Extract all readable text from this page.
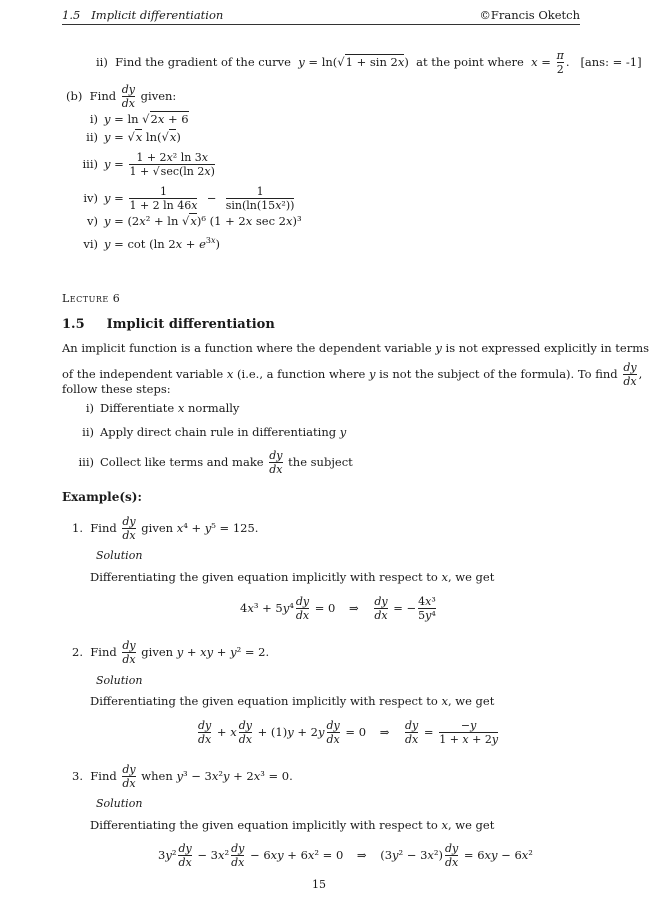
1.5 Implicit differentiation	©Francis Oketch
ii) Find the gradient of the curve y = ln(√1 + sin 2x)  at the point where $x = \frac{\pi}{2}$ .   [ans: = -1]
(b) Find $\frac{dy}{dx}$ given:
i) y = ln √2x + 6
ii) y = √x ln(√x)
iii) $y = \frac{\text{1 + 2x² ln 3x}}{1 + √\sec(\ln 2x)}$
iv) $y = \frac{1}{1 + 2 \ln 46x} - \frac{1}{\text{sin(ln(15x²))}}$
v) y = (2x² + ln √x)⁶ (1 + 2x sec 2x)³
vi) y = cot (ln $2x + e^{3x}$)
Lecture 6
1.5 Implicit differentiation
An implicit function is a function where the dependent variable y is not expressed explicitly in terms
of the independent variable x (i.e., a function where y is not the subject of the formula). To find $\frac{dy}{dx}$ ,
follow these steps:
i) Differentiate x normally
ii) Apply direct chain rule in differentiating y
iii) Collect like terms and make $\frac{dy}{dx}$ the subject
Example(s):
1. Find $\frac{dy}{dx}$ given x⁴ + y⁵ = 125.
Solution
Differentiating the given equation implicitly with respect to x, we get
$4x^3 + 5y^4 \frac{dy}{dx} = 0$ ⇒ $\frac{dy}{dx}$ = − $\frac{\text{4x³}}{\text{5y⁴}}$
2. Find $\frac{dy}{dx}$ given y + xy + y² = 2.
Solution
Differentiating the given equation implicitly with respect to x, we get
$\frac{dy}{dx} + x \frac{dy}{dx} + (1)y + 2y \frac{dy}{dx} = 0$ ⇒ $\frac{dy}{dx} = \frac{-y}{1 + x + 2y}$
3. Find $\frac{dy}{dx}$ when y³ − 3x²y + 2x³ = 0.
Solution
Differentiating the given equation implicitly with respect to x, we get
$3y^2 \frac{dy}{dx} - 3x^2 \frac{dy}{dx} - 6xy + 6x^2 = 0$ ⇒ $(3y^2 - 3x^2) \frac{dy}{dx} = 6xy - 6x^2$
15
